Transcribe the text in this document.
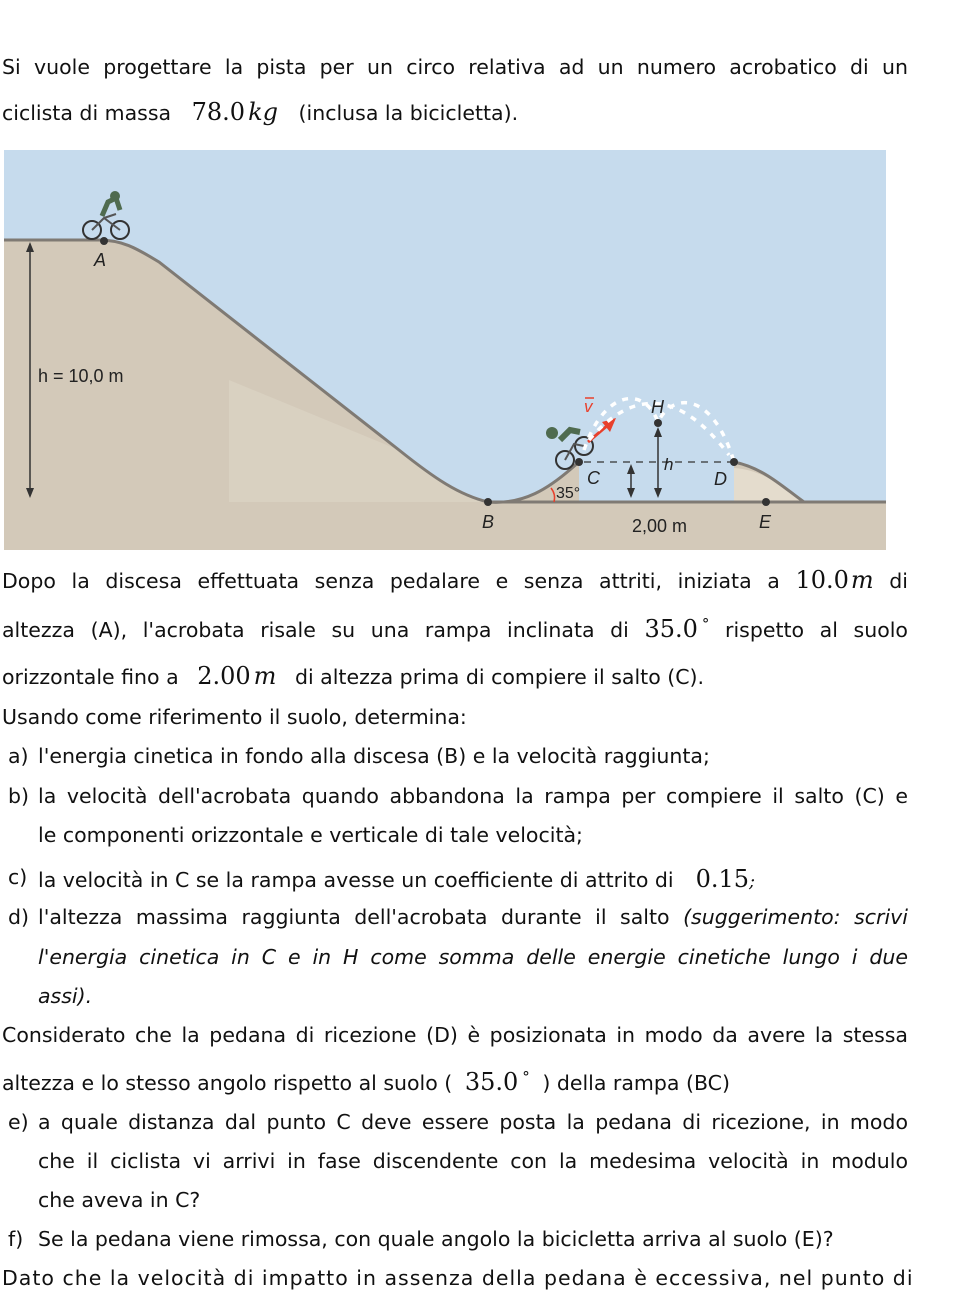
Si vuole progettare la pista per un circo relativa ad un numero acrobatico di un
ciclista di massa 78.0 kg (inclusa la bicicletta).
h = 10,0 m
A
B
v
35°
C
H
h
D
2,00 m	E
Dopo la discesa effettuata senza pedalare e senza attriti, iniziata a 10.0m di
altezza (A), l'acrobata risale su una rampa inclinata di 35.0 ° rispetto al suolo
orizzontale fino a 2.00 m di altezza prima di compiere il salto (C).
Usando come riferimento il suolo, determina:
a) l'energia cinetica in fondo alla discesa (B) e la velocità raggiunta;
b) la velocità dell'acrobata quando abbandona la rampa per compiere il salto (C) e
le componenti orizzontale e verticale di tale velocità;
c) la velocità in C se la rampa avesse un coefficiente di attrito di 0.15;
d) l'altezza massima raggiunta dell'acrobata durante il salto (suggerimento: scrivi
l'energia cinetica in C e in H come somma delle energie cinetiche lungo i due
assi).
Considerato che la pedana di ricezione (D) è posizionata in modo da avere la stessa
altezza e lo stesso angolo rispetto al suolo ( 35.0 ° ) della rampa (BC)
e) a quale distanza dal punto C deve essere posta la pedana di ricezione, in modo
che il ciclista vi arrivi in fase discendente con la medesima velocità in modulo
che aveva in C?
f) Se la pedana viene rimossa, con quale angolo la bicicletta arriva al suolo (E)?
Dato che la velocità di impatto in assenza della pedana è eccessiva, nel punto di
